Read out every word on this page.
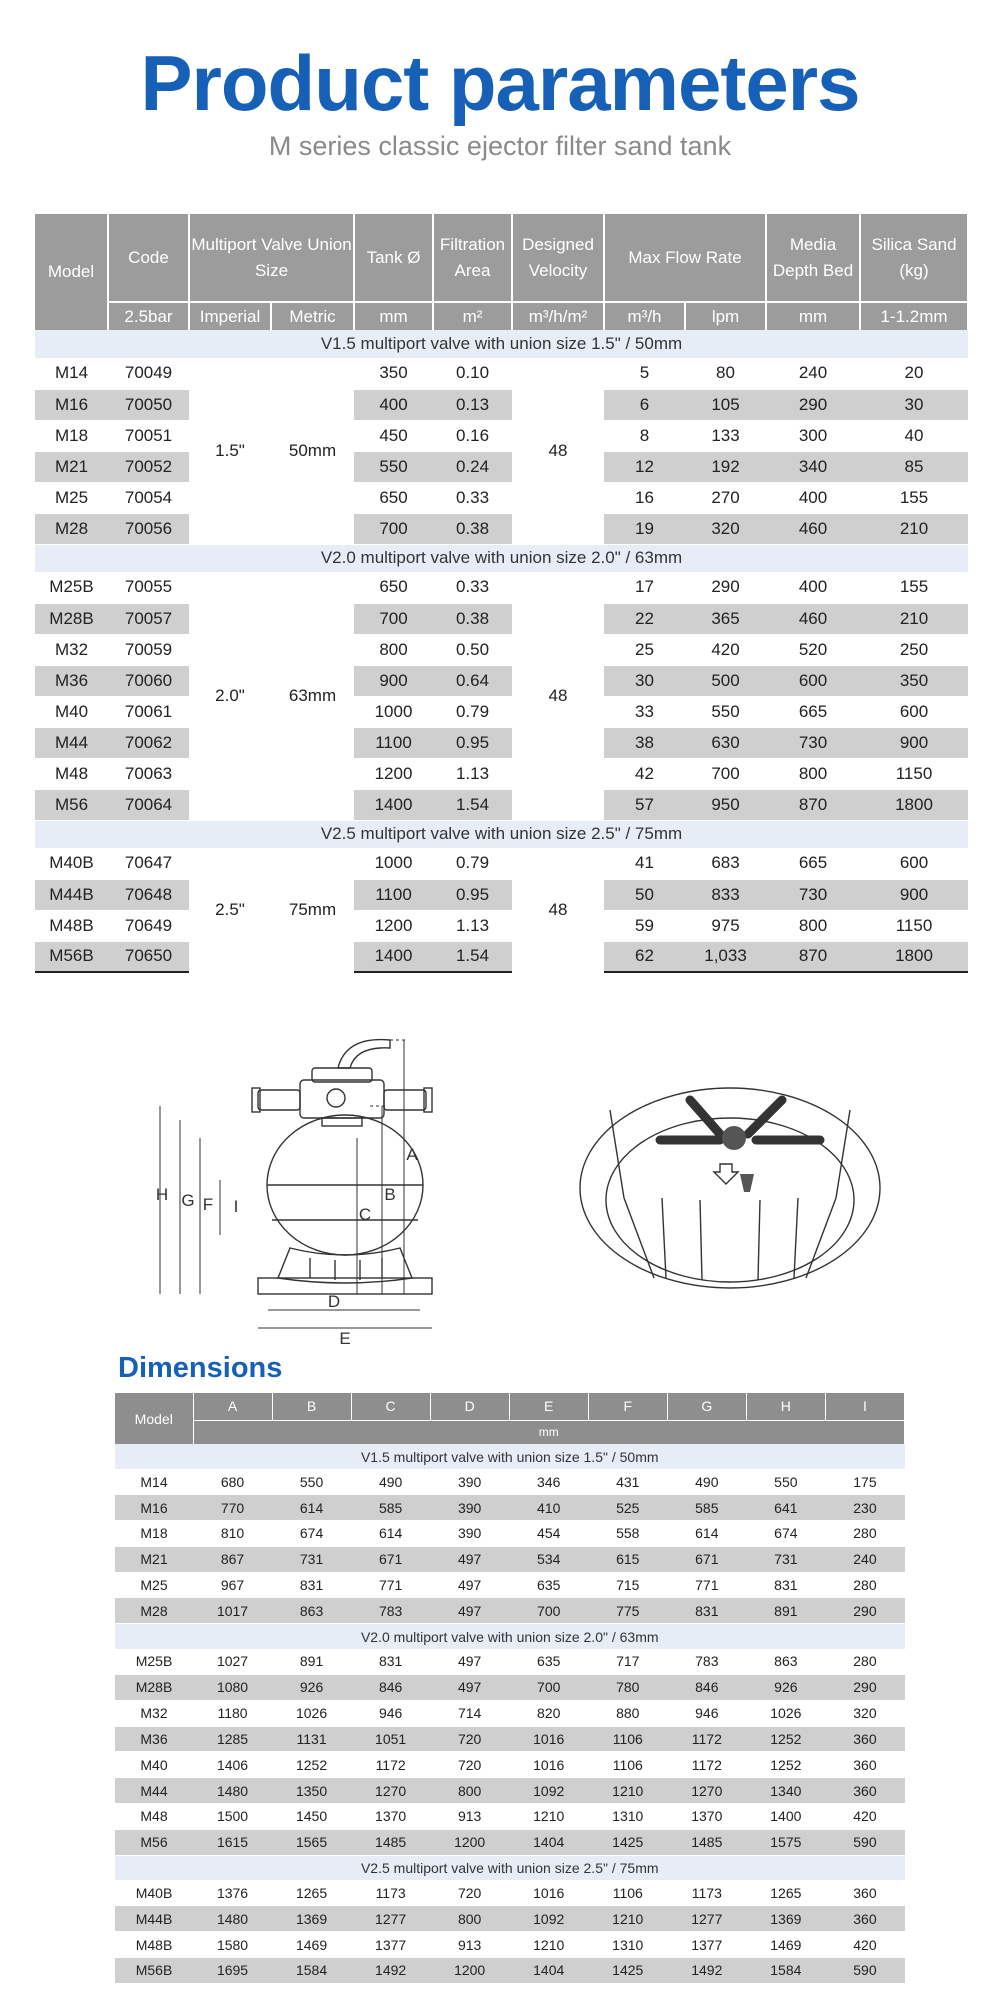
Product parameters
M series classic ejector filter sand tank
Model	Code	Multiport Valve Union Size		Tank Ø	Filtration Area	Designed Velocity	Max Flow Rate		Media Depth Bed	Silica Sand (kg)
	2.5bar	Imperial	Metric	mm	m²	m³/h/m²	m³/h	lpm	mm	1-1.2mm
V1.5 multiport valve with union size 1.5" / 50mm										
M14	70049	1.5"	50mm	350	0.10	48	5	80	240	20
M16	70050			400	0.13		6	105	290	30
M18	70051			450	0.16		8	133	300	40
M21	70052			550	0.24		12	192	340	85
M25	70054			650	0.33		16	270	400	155
M28	70056			700	0.38		19	320	460	210
V2.0 multiport valve with union size 2.0" / 63mm										
M25B	70055	2.0"	63mm	650	0.33	48	17	290	400	155
M28B	70057			700	0.38		22	365	460	210
M32	70059			800	0.50		25	420	520	250
M36	70060			900	0.64		30	500	600	350
M40	70061			1000	0.79		33	550	665	600
M44	70062			1100	0.95		38	630	730	900
M48	70063			1200	1.13		42	700	800	1150
M56	70064			1400	1.54		57	950	870	1800
V2.5 multiport valve with union size 2.5" / 75mm										
M40B	70647	2.5"	75mm	1000	0.79	48	41	683	665	600
M44B	70648			1100	0.95		50	833	730	900
M48B	70649			1200	1.13		59	975	800	1150
M56B	70650			1400	1.54		62	1,033	870	1800
A
B
C
D
E
F
G
H
I
Dimensions
Model	A	B	C	D	E	F	G	H	I
	mm								
V1.5 multiport valve with union size 1.5" / 50mm									
M14	680	550	490	390	346	431	490	550	175
M16	770	614	585	390	410	525	585	641	230
M18	810	674	614	390	454	558	614	674	280
M21	867	731	671	497	534	615	671	731	240
M25	967	831	771	497	635	715	771	831	280
M28	1017	863	783	497	700	775	831	891	290
V2.0 multiport valve with union size 2.0" / 63mm									
M25B	1027	891	831	497	635	717	783	863	280
M28B	1080	926	846	497	700	780	846	926	290
M32	1180	1026	946	714	820	880	946	1026	320
M36	1285	1131	1051	720	1016	1106	1172	1252	360
M40	1406	1252	1172	720	1016	1106	1172	1252	360
M44	1480	1350	1270	800	1092	1210	1270	1340	360
M48	1500	1450	1370	913	1210	1310	1370	1400	420
M56	1615	1565	1485	1200	1404	1425	1485	1575	590
V2.5 multiport valve with union size 2.5" / 75mm									
M40B	1376	1265	1173	720	1016	1106	1173	1265	360
M44B	1480	1369	1277	800	1092	1210	1277	1369	360
M48B	1580	1469	1377	913	1210	1310	1377	1469	420
M56B	1695	1584	1492	1200	1404	1425	1492	1584	590
